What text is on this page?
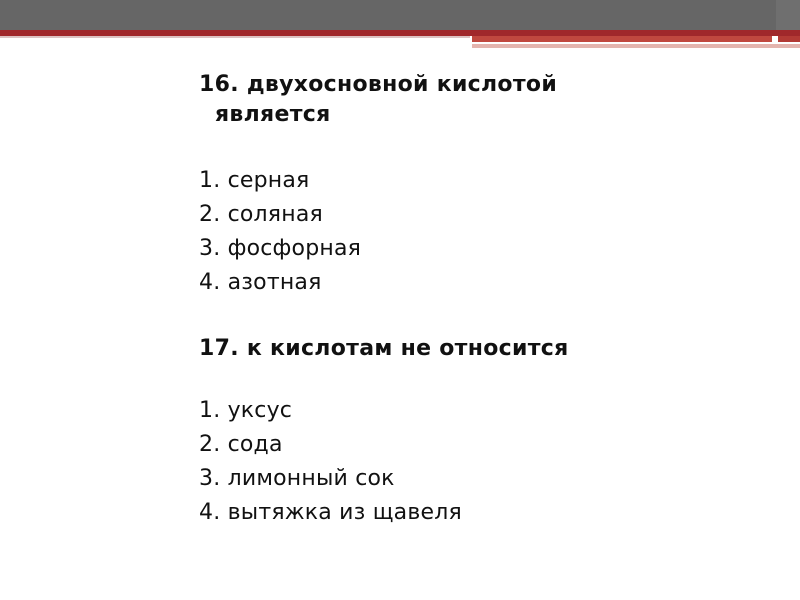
16. двухосновной кислотой
является

1. серная
2. соляная
3. фосфорная
4. азотная

17. к кислотам не относится

1. уксус
2. сода
3. лимонный сок
4. вытяжка из щавеля
